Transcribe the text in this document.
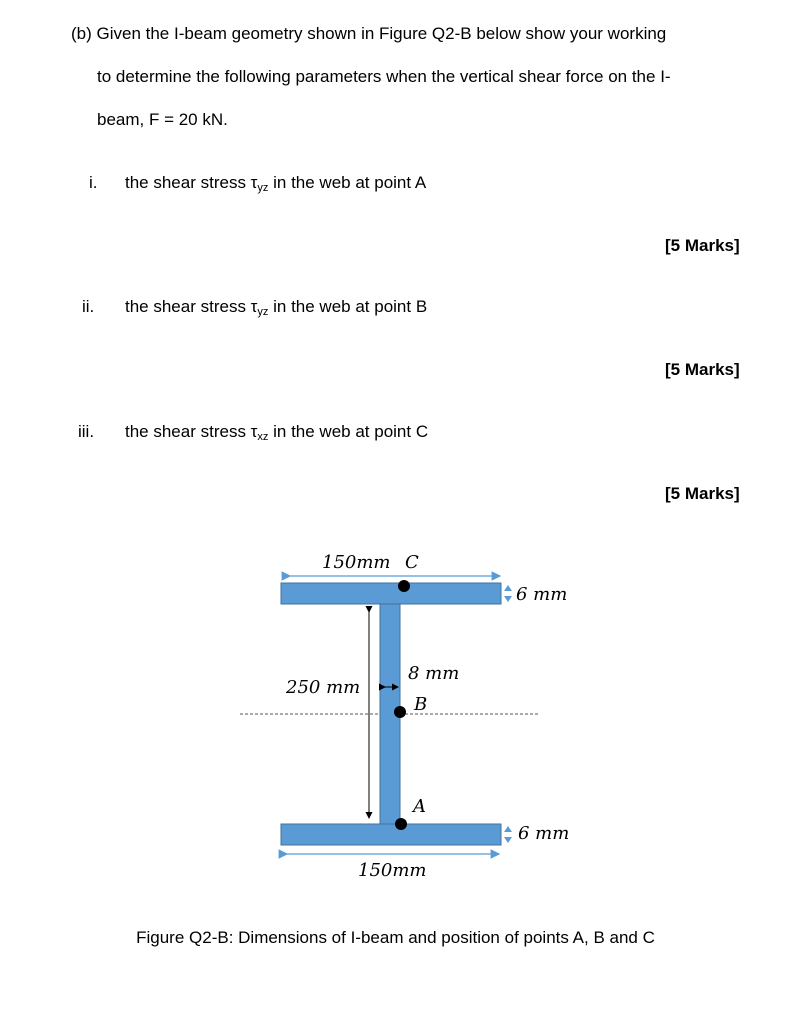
(b) Given the I-beam geometry shown in Figure Q2-B below show your working
to determine the following parameters when the vertical shear force on the I-
beam, F = 20 kN.
i. the shear stress $\tau_{yz}$ in the web at point A
[5 Marks]
ii. the shear stress $\tau_{yz}$ in the web at point B
[5 Marks]
iii. the shear stress $\tau_{xz}$ in the web at point C
[5 Marks]
150mm C
6 mm
250 mm
8 mm
B
A
6 mm
150mm
Figure Q2-B: Dimensions of I-beam and position of points A, B and C
